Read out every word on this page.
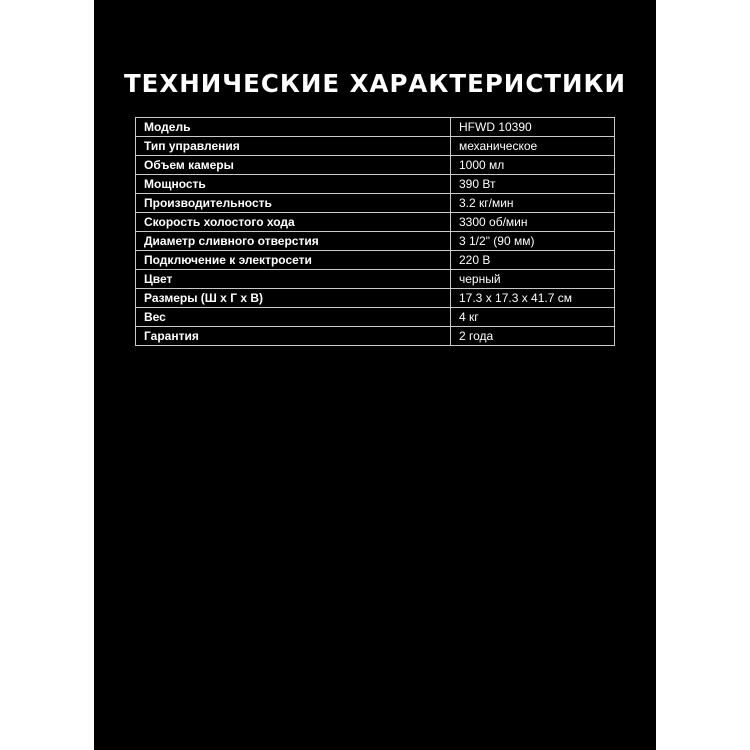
ТЕХНИЧЕСКИЕ ХАРАКТЕРИСТИКИ
Модель	HFWD 10390
Тип управления	механическое
Объем камеры	1000 мл
Мощность	390 Вт
Производительность	3.2 кг/мин
Скорость холостого хода	3300 об/мин
Диаметр сливного отверстия	3 1/2" (90 мм)
Подключение к электросети	220 В
Цвет	черный
Размеры (Ш х Г х В)	17.3 х 17.3 х 41.7 см
Вес	4 кг
Гарантия	2 года
